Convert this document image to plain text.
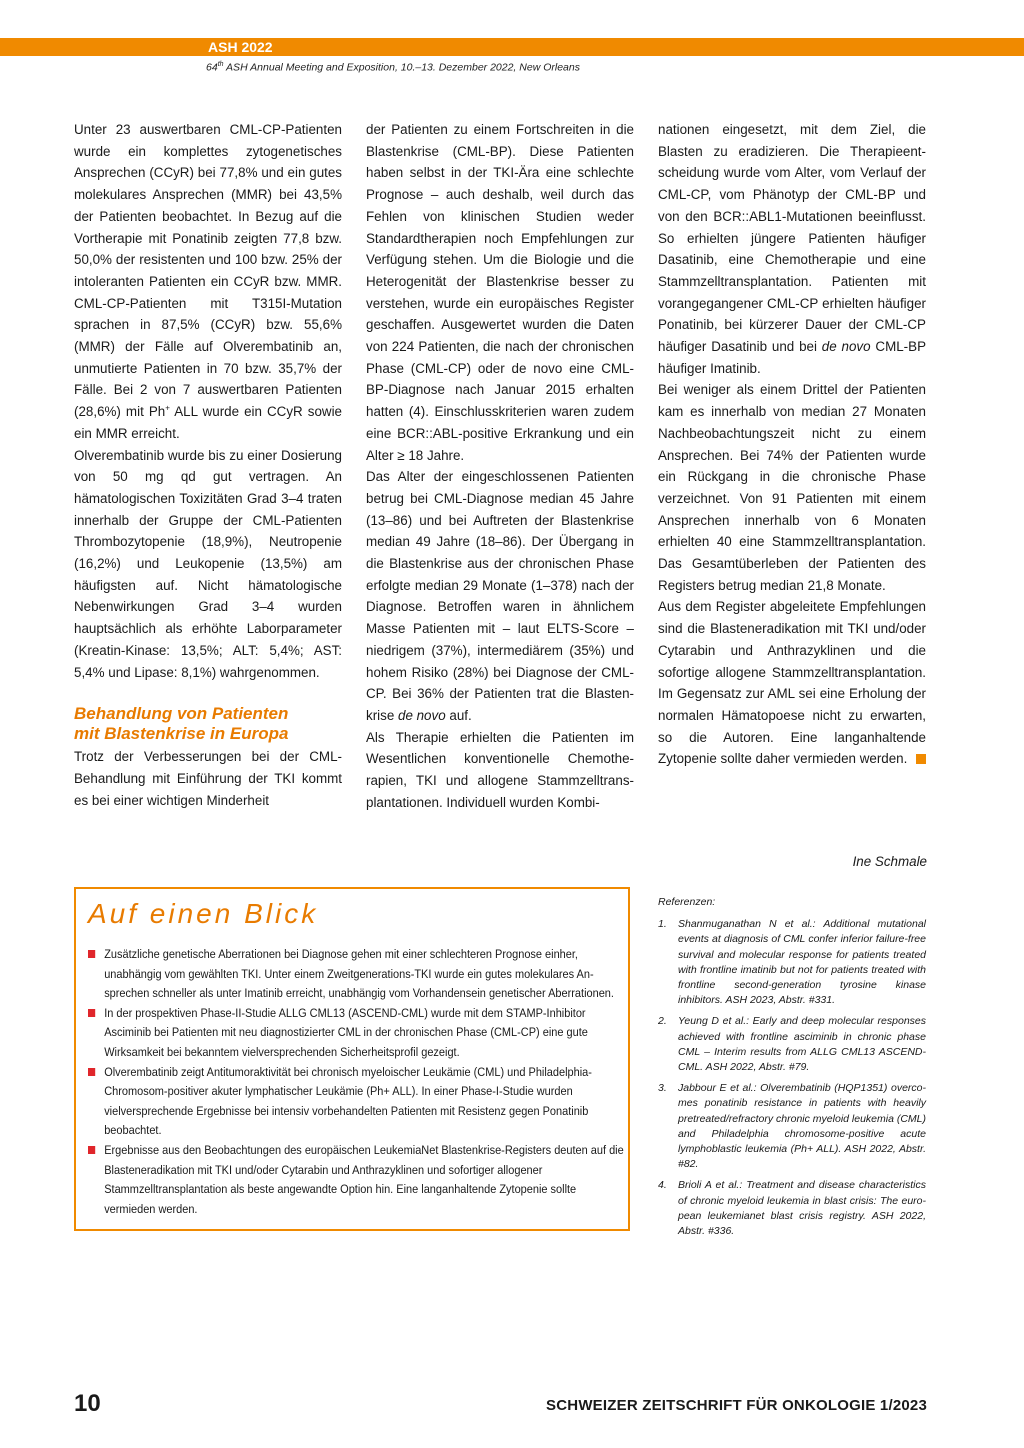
ASH 2022
64th ASH Annual Meeting and Exposition, 10.–13. Dezember 2022, New Orleans

Unter 23 auswertbaren CML-CP-Patienten wurde ein komplettes zytogenetisches Ansprechen (CCyR) bei 77,8% und ein gutes molekulares Ansprechen (MMR) bei 43,5% der Patienten beobachtet. In Bezug auf die Vortherapie mit Ponatinib zeigten 77,8 bzw. 50,0% der resistenten und 100 bzw. 25% der intoleranten Patienten ein CCyR bzw. MMR. CML-CP-Patienten mit T315I-Mutation sprachen in 87,5% (CCyR) bzw. 55,6% (MMR) der Fälle auf Olverembatinib an, unmutierte Patienten in 70 bzw. 35,7% der Fälle. Bei 2 von 7 auswertbaren Patienten (28,6%) mit Ph+ ALL wurde ein CCyR sowie ein MMR erreicht.

Olverembatinib wurde bis zu einer Dosierung von 50 mg qd gut vertragen. An hämatologischen Toxizitäten Grad 3–4 traten innerhalb der Gruppe der CML-Patienten Thrombozytopenie (18,9%), Neutropenie (16,2%) und Leukopenie (13,5%) am häufigsten auf. Nicht hämatologische Nebenwirkungen Grad 3–4 wurden hauptsächlich als erhöhte Laborparameter (Kreatin-Kinase: 13,5%; ALT: 5,4%; AST: 5,4% und Lipase: 8,1%) wahrgenommen.

Behandlung von Patienten
mit Blastenkrise in Europa

Trotz der Verbesserungen bei der CML-Behandlung mit Einführung der TKI kommt es bei einer wichtigen Minderheit

der Patienten zu einem Fortschreiten in die Blastenkrise (CML-BP). Diese Patienten haben selbst in der TKI-Ära eine schlechte Prognose – auch deshalb, weil durch das Fehlen von klinischen Studien weder Standardtherapien noch Empfehlungen zur Verfügung stehen. Um die Biologie und die Heterogenität der Blastenkrise besser zu verstehen, wurde ein europäisches Register geschaffen. Ausgewertet wurden die Daten von 224 Patienten, die nach der chronischen Phase (CML-CP) oder de novo eine CML-BP-Diagnose nach Januar 2015 erhalten hatten (4). Einschlusskriterien waren zudem eine BCR::ABL-positive Erkrankung und ein Alter ≥ 18 Jahre.

Das Alter der eingeschlossenen Patienten betrug bei CML-Diagnose median 45 Jahre (13–86) und bei Auftreten der Blastenkrise median 49 Jahre (18–86). Der Übergang in die Blastenkrise aus der chronischen Phase erfolgte median 29 Monate (1–378) nach der Diagnose. Betroffen waren in ähnlichem Masse Patienten mit – laut ELTS-Score – niedrigem (37%), intermediärem (35%) und hohem Risiko (28%) bei Diagnose der CML-CP. Bei 36% der Patienten trat die Blastenkrise de novo auf.

Als Therapie erhielten die Patienten im Wesentlichen konventionelle Chemotherapien, TKI und allogene Stammzelltransplantationen. Individuell wurden Kombi-

nationen eingesetzt, mit dem Ziel, die Blasten zu eradizieren. Die Therapieentscheidung wurde vom Alter, vom Verlauf der CML-CP, vom Phänotyp der CML-BP und von den BCR::ABL1-Mutationen beeinflusst. So erhielten jüngere Patienten häufiger Dasatinib, eine Chemotherapie und eine Stammzelltransplantation. Patienten mit vorangegangener CML-CP erhielten häufiger Ponatinib, bei kürzerer Dauer der CML-CP häufiger Dasatinib und bei de novo CML-BP häufiger Imatinib.

Bei weniger als einem Drittel der Patienten kam es innerhalb von median 27 Monaten Nachbeobachtungszeit nicht zu einem Ansprechen. Bei 74% der Patienten wurde ein Rückgang in die chronische Phase verzeichnet. Von 91 Patienten mit einem Ansprechen innerhalb von 6 Monaten erhielten 40 eine Stammzelltransplantation. Das Gesamtüberleben der Patienten des Registers betrug median 21,8 Monate.

Aus dem Register abgeleitete Empfehlungen sind die Blasteneradikation mit TKI und/oder Cytarabin und Anthrazyklinen und die sofortige allogene Stammzelltransplantation. Im Gegensatz zur AML sei eine Erholung der normalen Hämatopoese nicht zu erwarten, so die Autoren. Eine langanhaltende Zytopenie sollte daher vermieden werden.

Ine Schmale
Auf einen Blick
Zusätzliche genetische Aberrationen bei Diagnose gehen mit einer schlechteren Prognose einher, unabhängig vom gewählten TKI. Unter einem Zweitgenerations-TKI wurde ein gutes molekulares Ansprechen schneller als unter Imatinib erreicht, unabhängig vom Vorhandensein genetischer Aberrationen.
In der prospektiven Phase-II-Studie ALLG CML13 (ASCEND-CML) wurde mit dem STAMP-Inhibitor Asciminib bei Patienten mit neu diagnostizierter CML in der chronischen Phase (CML-CP) eine gute Wirksamkeit bei bekanntem vielversprechenden Sicherheitsprofil gezeigt.
Olverembatinib zeigt Antitumoraktivität bei chronisch myeloischer Leukämie (CML) und Philadelphia-Chromosom-positiver akuter lymphatischer Leukämie (Ph+ ALL). In einer Phase-I-Studie wurden vielversprechende Ergebnisse bei intensiv vorbehandelten Patienten mit Resistenz gegen Ponatinib beobachtet.
Ergebnisse aus den Beobachtungen des europäischen LeukemiaNet Blastenkrise-Registers deuten auf die Blasteneradikation mit TKI und/oder Cytarabin und Anthrazyklinen und sofortiger allogener Stammzelltransplantation als beste angewandte Option hin. Eine langanhaltende Zytopenie sollte vermieden werden.

Referenzen:

1. Shanmuganathan N et al.: Additional mutational events at diagnosis of CML confer inferior failure-free survival and molecular response for patients treated with frontline imatinib but not for patients treated with frontline second-generation tyrosine kinase inhibitors. ASH 2023, Abstr. #331.
2. Yeung D et al.: Early and deep molecular responses achieved with frontline asciminib in chronic phase CML – Interim results from ALLG CML13 ASCEND-CML. ASH 2022, Abstr. #79.
3. Jabbour E et al.: Olverembatinib (HQP1351) overcomes ponatinib resistance in patients with heavily pretreated/refractory chronic myeloid leukemia (CML) and Philadelphia chromosome-positive acute lymphoblastic leukemia (Ph+ ALL). ASH 2022, Abstr. #82.
4. Brioli A et al.: Treatment and disease characteristics of chronic myeloid leukemia in blast crisis: The european leukemianet blast crisis registry. ASH 2022, Abstr. #336.
10	SCHWEIZER ZEITSCHRIFT FÜR ONKOLOGIE 1/2023
